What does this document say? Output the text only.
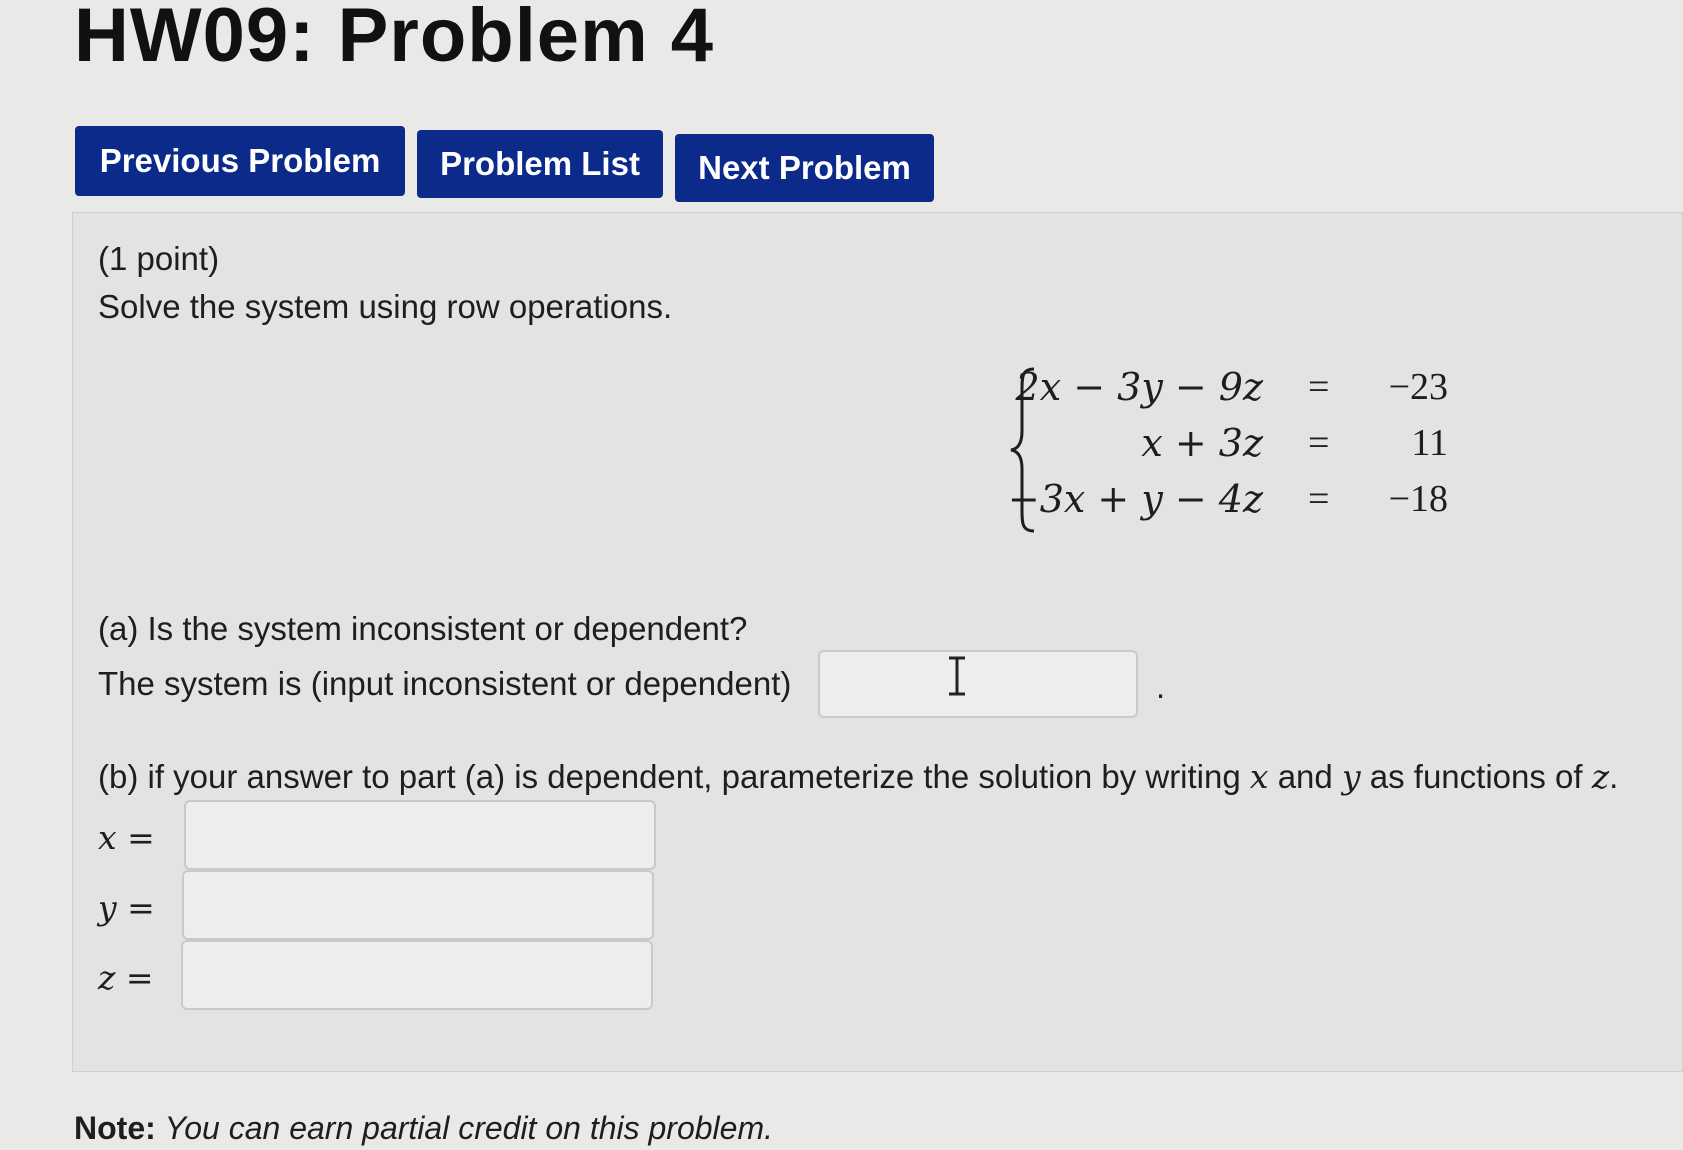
HW09: Problem 4
Previous Problem	Problem List	Next Problem
(1 point)
Solve the system using row operations.
2x − 3y − 9z = −23
x + 3z = 11
−3x + y − 4z = −18
(a) Is the system inconsistent or dependent?
The system is (input inconsistent or dependent)	.
(b) if your answer to part (a) is dependent, parameterize the solution by writing x and y as functions of z.
x =
y =
z =
Note: You can earn partial credit on this problem.
